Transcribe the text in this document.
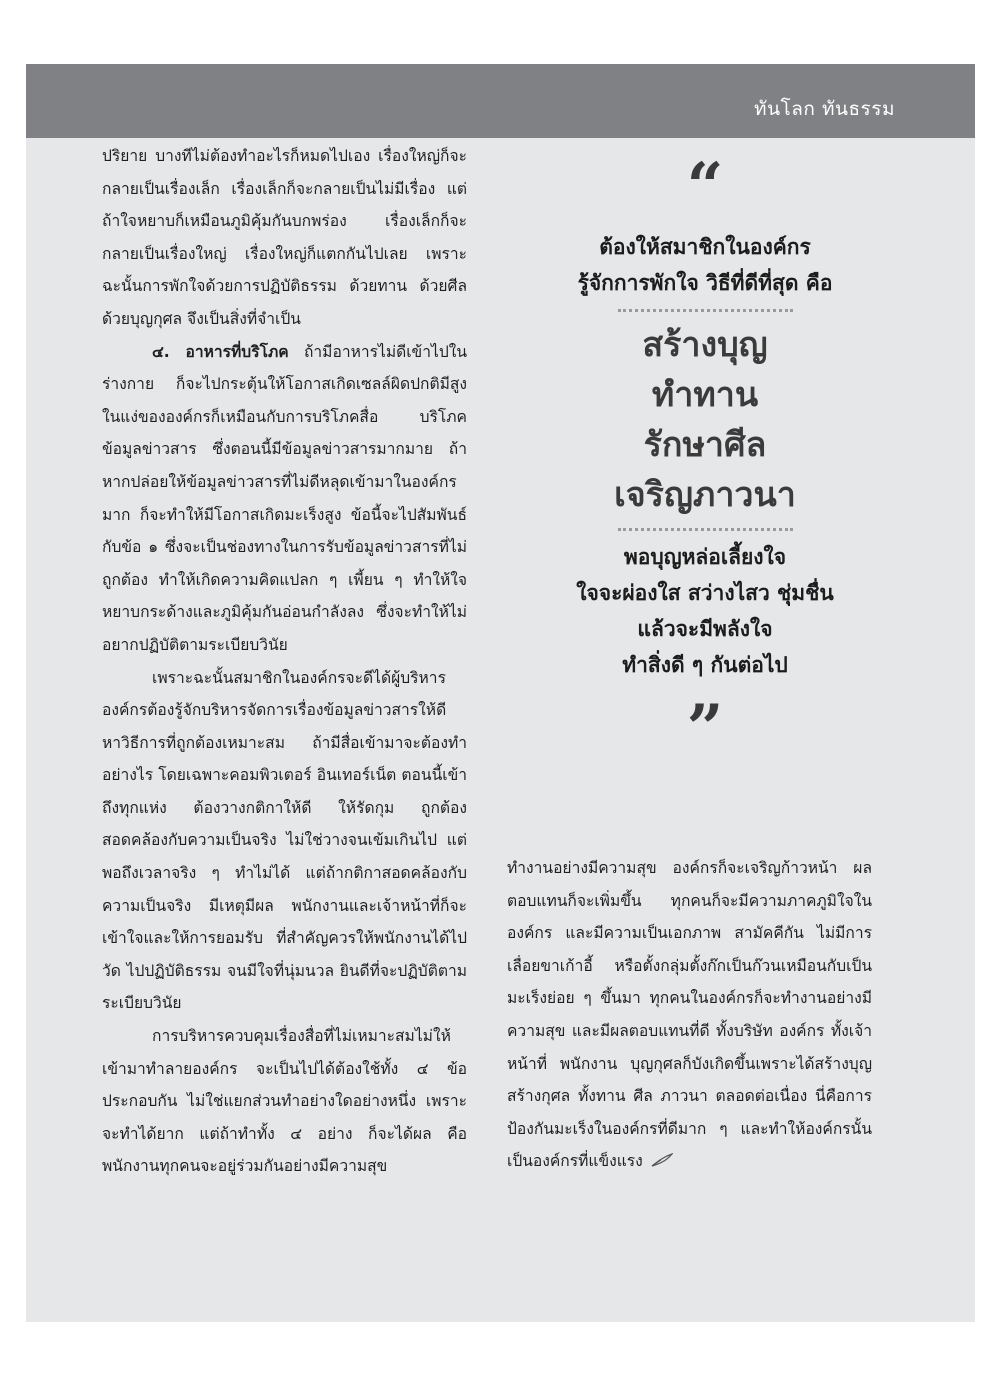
ทันโลก ทันธรรม

ปริยาย บางทีไม่ต้องทำอะไรก็หมดไปเอง เรื่องใหญ่ก็จะกลายเป็นเรื่องเล็ก เรื่องเล็กก็จะกลายเป็นไม่มีเรื่อง แต่ถ้าใจหยาบก็เหมือนภูมิคุ้มกันบกพร่อง เรื่องเล็กก็จะกลายเป็นเรื่องใหญ่ เรื่องใหญ่ก็แตกกันไปเลย เพราะฉะนั้นการพักใจด้วยการปฏิบัติธรรม ด้วยทาน ด้วยศีล ด้วยบุญกุศล จึงเป็นสิ่งที่จำเป็น

๔. อาหารที่บริโภค ถ้ามีอาหารไม่ดีเข้าไปในร่างกาย ก็จะไปกระตุ้นให้โอกาสเกิดเซลล์ผิดปกติมีสูง ในแง่ขององค์กรก็เหมือนกับการบริโภคสื่อ บริโภคข้อมูลข่าวสาร ซึ่งตอนนี้มีข้อมูลข่าวสารมากมาย ถ้าหากปล่อยให้ข้อมูลข่าวสารที่ไม่ดีหลุดเข้ามาในองค์กรมาก ก็จะทำให้มีโอกาสเกิดมะเร็งสูง ข้อนี้จะไปสัมพันธ์กับข้อ ๑ ซึ่งจะเป็นช่องทางในการรับข้อมูลข่าวสารที่ไม่ถูกต้อง ทำให้เกิดความคิดแปลก ๆ เพี้ยน ๆ ทำให้ใจหยาบกระด้างและภูมิคุ้มกันอ่อนกำลังลง ซึ่งจะทำให้ไม่อยากปฏิบัติตามระเบียบวินัย

เพราะฉะนั้นสมาชิกในองค์กรจะดีได้ผู้บริหารองค์กรต้องรู้จักบริหารจัดการเรื่องข้อมูลข่าวสารให้ดี หาวิธีการที่ถูกต้องเหมาะสม ถ้ามีสื่อเข้ามาจะต้องทำอย่างไร โดยเฉพาะคอมพิวเตอร์ อินเทอร์เน็ต ตอนนี้เข้าถึงทุกแห่ง ต้องวางกติกาให้ดี ให้รัดกุม ถูกต้อง สอดคล้องกับความเป็นจริง ไม่ใช่วางจนเข้มเกินไป แต่พอถึงเวลาจริง ๆ ทำไม่ได้ แต่ถ้ากติกาสอดคล้องกับความเป็นจริง มีเหตุมีผล พนักงานและเจ้าหน้าที่ก็จะเข้าใจและให้การยอมรับ ที่สำคัญควรให้พนักงานได้ไปวัด ไปปฏิบัติธรรม จนมีใจที่นุ่มนวล ยินดีที่จะปฏิบัติตามระเบียบวินัย

การบริหารควบคุมเรื่องสื่อที่ไม่เหมาะสมไม่ให้เข้ามาทำลายองค์กร จะเป็นไปได้ต้องใช้ทั้ง ๔ ข้อประกอบกัน ไม่ใช่แยกส่วนทำอย่างใดอย่างหนึ่ง เพราะจะทำได้ยาก แต่ถ้าทำทั้ง ๔ อย่าง ก็จะได้ผล คือ พนักงานทุกคนจะอยู่ร่วมกันอย่างมีความสุข

“

ต้องให้สมาชิกในองค์กร

รู้จักการพักใจ วิธีที่ดีที่สุด คือ

สร้างบุญ

ทำทาน

รักษาศีล

เจริญภาวนา

พอบุญหล่อเลี้ยงใจ

ใจจะผ่องใส สว่างไสว ชุ่มชื่น

แล้วจะมีพลังใจ

ทำสิ่งดี ๆ กันต่อไป

”

ทำงานอย่างมีความสุข องค์กรก็จะเจริญก้าวหน้า ผลตอบแทนก็จะเพิ่มขึ้น ทุกคนก็จะมีความภาคภูมิใจในองค์กร และมีความเป็นเอกภาพ สามัคคีกัน ไม่มีการเลื่อยขาเก้าอี้ หรือตั้งกลุ่มตั้งก๊กเป็นก๊วนเหมือนกับเป็นมะเร็งย่อย ๆ ขึ้นมา ทุกคนในองค์กรก็จะทำงานอย่างมีความสุข และมีผลตอบแทนที่ดี ทั้งบริษัท องค์กร ทั้งเจ้าหน้าที่ พนักงาน บุญกุศลก็บังเกิดขึ้นเพราะได้สร้างบุญสร้างกุศล ทั้งทาน ศีล ภาวนา ตลอดต่อเนื่อง นี่คือการป้องกันมะเร็งในองค์กรที่ดีมาก ๆ และทำให้องค์กรนั้นเป็นองค์กรที่แข็งแรง
